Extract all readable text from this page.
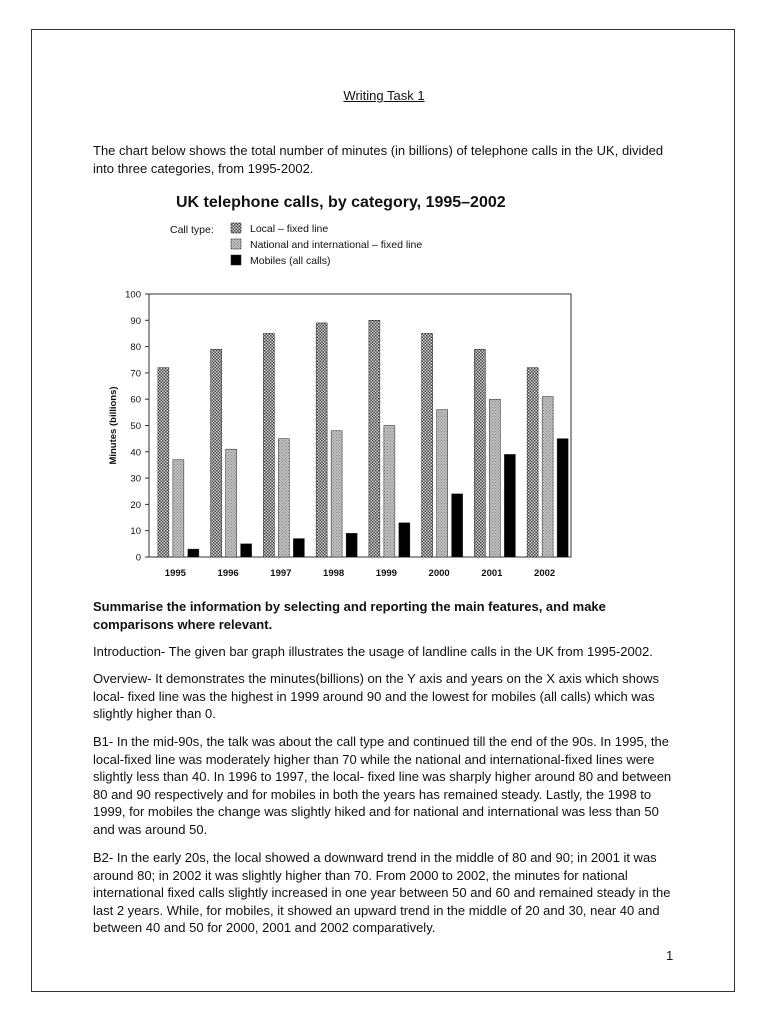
Writing Task 1
The chart below shows the total number of minutes (in billions) of telephone calls in the UK, divided into three categories, from 1995-2002.
UK telephone calls, by category, 1995–2002
Call type:	Local – fixed line
National and international – fixed line
Mobiles (all calls)
0
10
20
30
40
50
60
70
80
90
100
Minutes (billions)
1995	1996	1997	1998	1999	2000	2001	2002
Summarise the information by selecting and reporting the main features, and make comparisons where relevant.
Introduction- The given bar graph illustrates the usage of landline calls in the UK from 1995-2002.
Overview- It demonstrates the minutes(billions) on the Y axis and years on the X axis which shows local- fixed line was the highest in 1999 around 90 and the lowest for mobiles (all calls) which was slightly higher than 0.
B1- In the mid-90s, the talk was about the call type and continued till the end of the 90s. In 1995, the local-fixed line was moderately higher than 70 while the national and international-fixed lines were slightly less than 40. In 1996 to 1997, the local- fixed line was sharply higher around 80 and between 80 and 90 respectively and for mobiles in both the years has remained steady. Lastly, the 1998 to 1999, for mobiles the change was slightly hiked and for national and international was less than 50 and was around 50.
B2- In the early 20s, the local showed a downward trend in the middle of 80 and 90; in 2001 it was around 80; in 2002 it was slightly higher than 70. From 2000 to 2002, the minutes for national international fixed calls slightly increased in one year between 50 and 60 and remained steady in the last 2 years. While, for mobiles, it showed an upward trend in the middle of 20 and 30, near 40 and between 40 and 50 for 2000, 2001 and 2002 comparatively.
1
